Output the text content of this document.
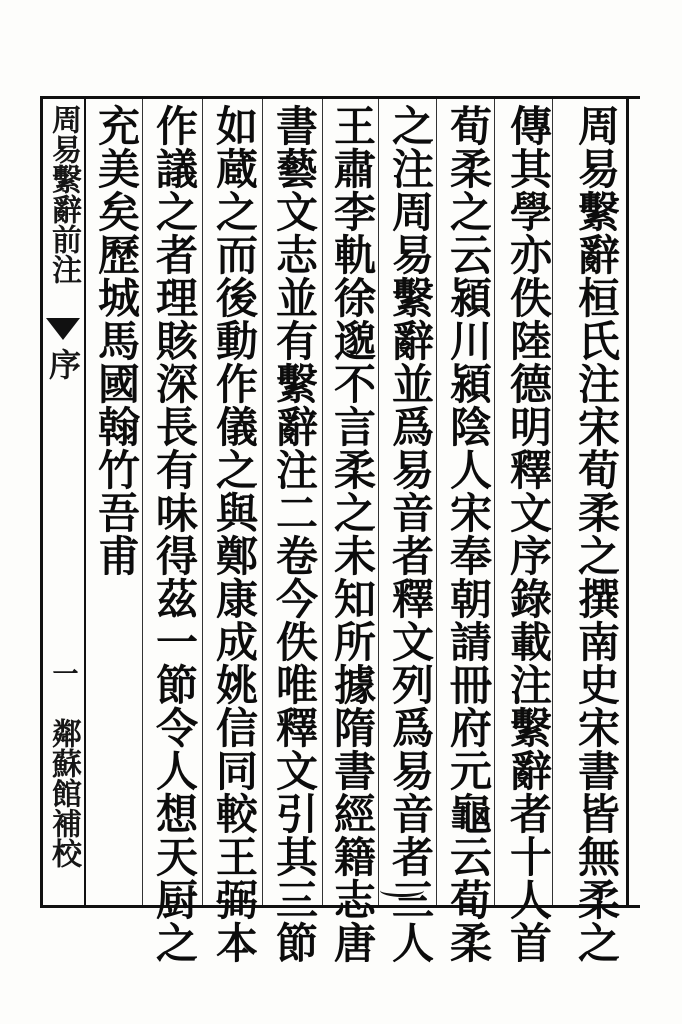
周易繫辭前注
序
一
鄰蘇館補校	周易繫辭桓氏注宋荀柔之撰南史宋書皆無柔之
傳其學亦佚陸德明釋文序錄載注繫辭者十人首
荀柔之云潁川潁陰人宋奉朝請冊府元龜云荀柔
之注周易繫辭並爲易音者釋文列爲易音者三人
王肅李軌徐邈不言柔之未知所據隋書經籍志唐
書藝文志並有繫辭注二卷今佚唯釋文引其三節
如蔵之而後動作儀之與鄭康成姚信同較王弼本
作議之者理賅深長有味得茲一節令人想天厨之
充美矣歷城馬國翰竹吾甫
